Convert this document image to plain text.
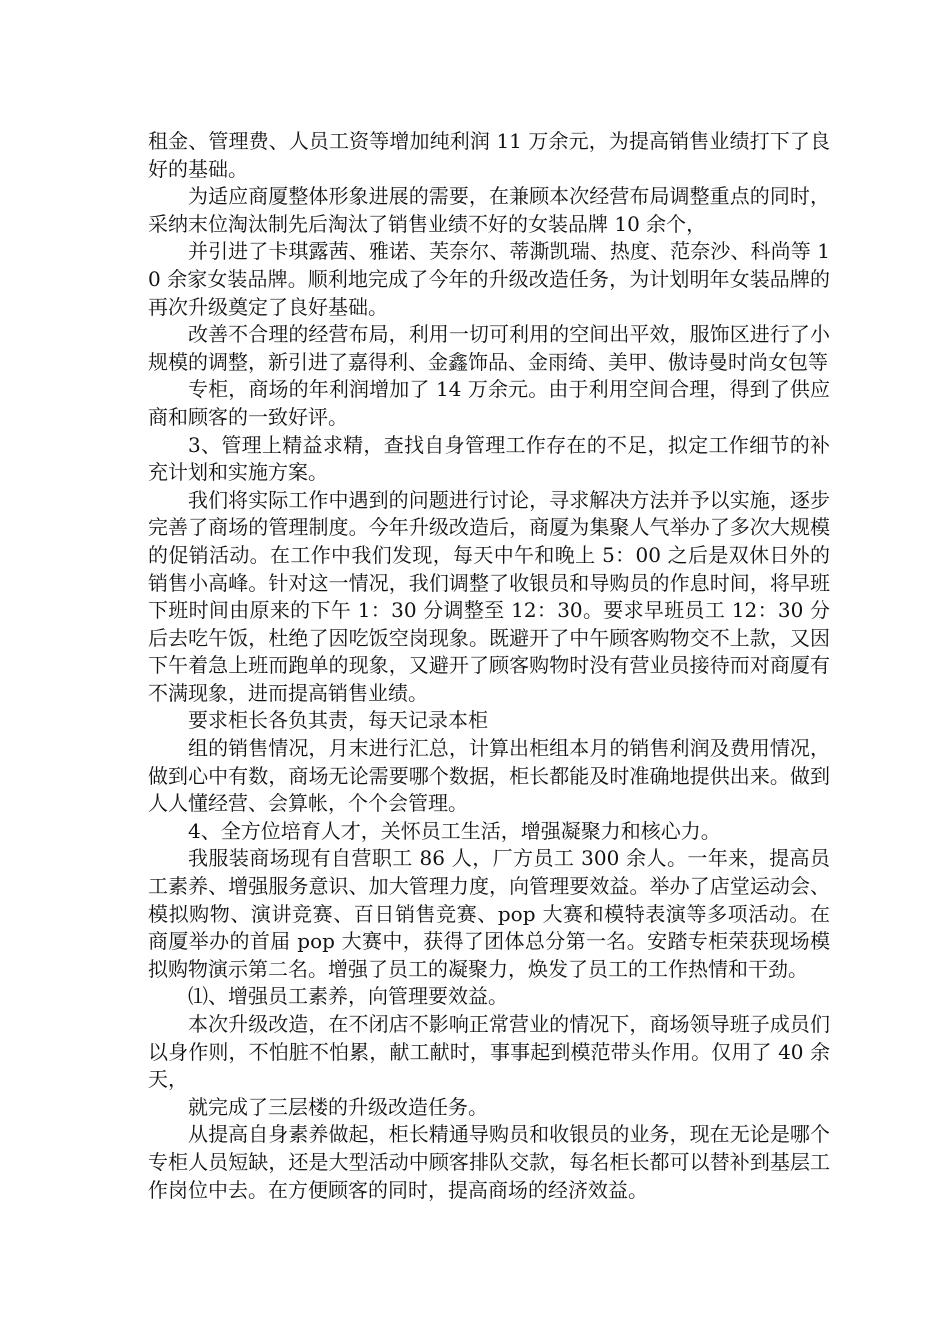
租金、管理费、人员工资等增加纯利润 11 万余元，为提高销售业绩打下了良好的基础。

为适应商厦整体形象进展的需要，在兼顾本次经营布局调整重点的同时，采纳末位淘汰制先后淘汰了销售业绩不好的女装品牌 10 余个，

并引进了卡琪露茜、雅诺、芙奈尔、蒂澌凯瑞、热度、范奈沙、科尚等 10 余家女装品牌。顺利地完成了今年的升级改造任务，为计划明年女装品牌的再次升级奠定了良好基础。

改善不合理的经营布局，利用一切可利用的空间出平效，服饰区进行了小规模的调整，新引进了嘉得利、金鑫饰品、金雨绮、美甲、傲诗曼时尚女包等

专柜，商场的年利润增加了 14 万余元。由于利用空间合理，得到了供应商和顾客的一致好评。

3、管理上精益求精，查找自身管理工作存在的不足，拟定工作细节的补充计划和实施方案。

我们将实际工作中遇到的问题进行讨论，寻求解决方法并予以实施，逐步完善了商场的管理制度。今年升级改造后，商厦为集聚人气举办了多次大规模的促销活动。在工作中我们发现，每天中午和晚上 5：00 之后是双休日外的销售小高峰。针对这一情况，我们调整了收银员和导购员的作息时间，将早班下班时间由原来的下午 1：30 分调整至 12：30。要求早班员工 12：30 分后去吃午饭，杜绝了因吃饭空岗现象。既避开了中午顾客购物交不上款，又因下午着急上班而跑单的现象，又避开了顾客购物时没有营业员接待而对商厦有不满现象，进而提高销售业绩。

要求柜长各负其责，每天记录本柜

组的销售情况，月末进行汇总，计算出柜组本月的销售利润及费用情况，做到心中有数，商场无论需要哪个数据，柜长都能及时准确地提供出来。做到人人懂经营、会算帐，个个会管理。

4、全方位培育人才，关怀员工生活，增强凝聚力和核心力。

我服装商场现有自营职工 86 人，厂方员工 300 余人。一年来，提高员工素养、增强服务意识、加大管理力度，向管理要效益。举办了店堂运动会、模拟购物、演讲竞赛、百日销售竞赛、pop 大赛和模特表演等多项活动。在商厦举办的首届 pop 大赛中，获得了团体总分第一名。安踏专柜荣获现场模拟购物演示第二名。增强了员工的凝聚力，焕发了员工的工作热情和干劲。

⑴、增强员工素养，向管理要效益。

本次升级改造，在不闭店不影响正常营业的情况下，商场领导班子成员们以身作则，不怕脏不怕累，献工献时，事事起到模范带头作用。仅用了 40 余天，

就完成了三层楼的升级改造任务。

从提高自身素养做起，柜长精通导购员和收银员的业务，现在无论是哪个专柜人员短缺，还是大型活动中顾客排队交款，每名柜长都可以替补到基层工作岗位中去。在方便顾客的同时，提高商场的经济效益。
